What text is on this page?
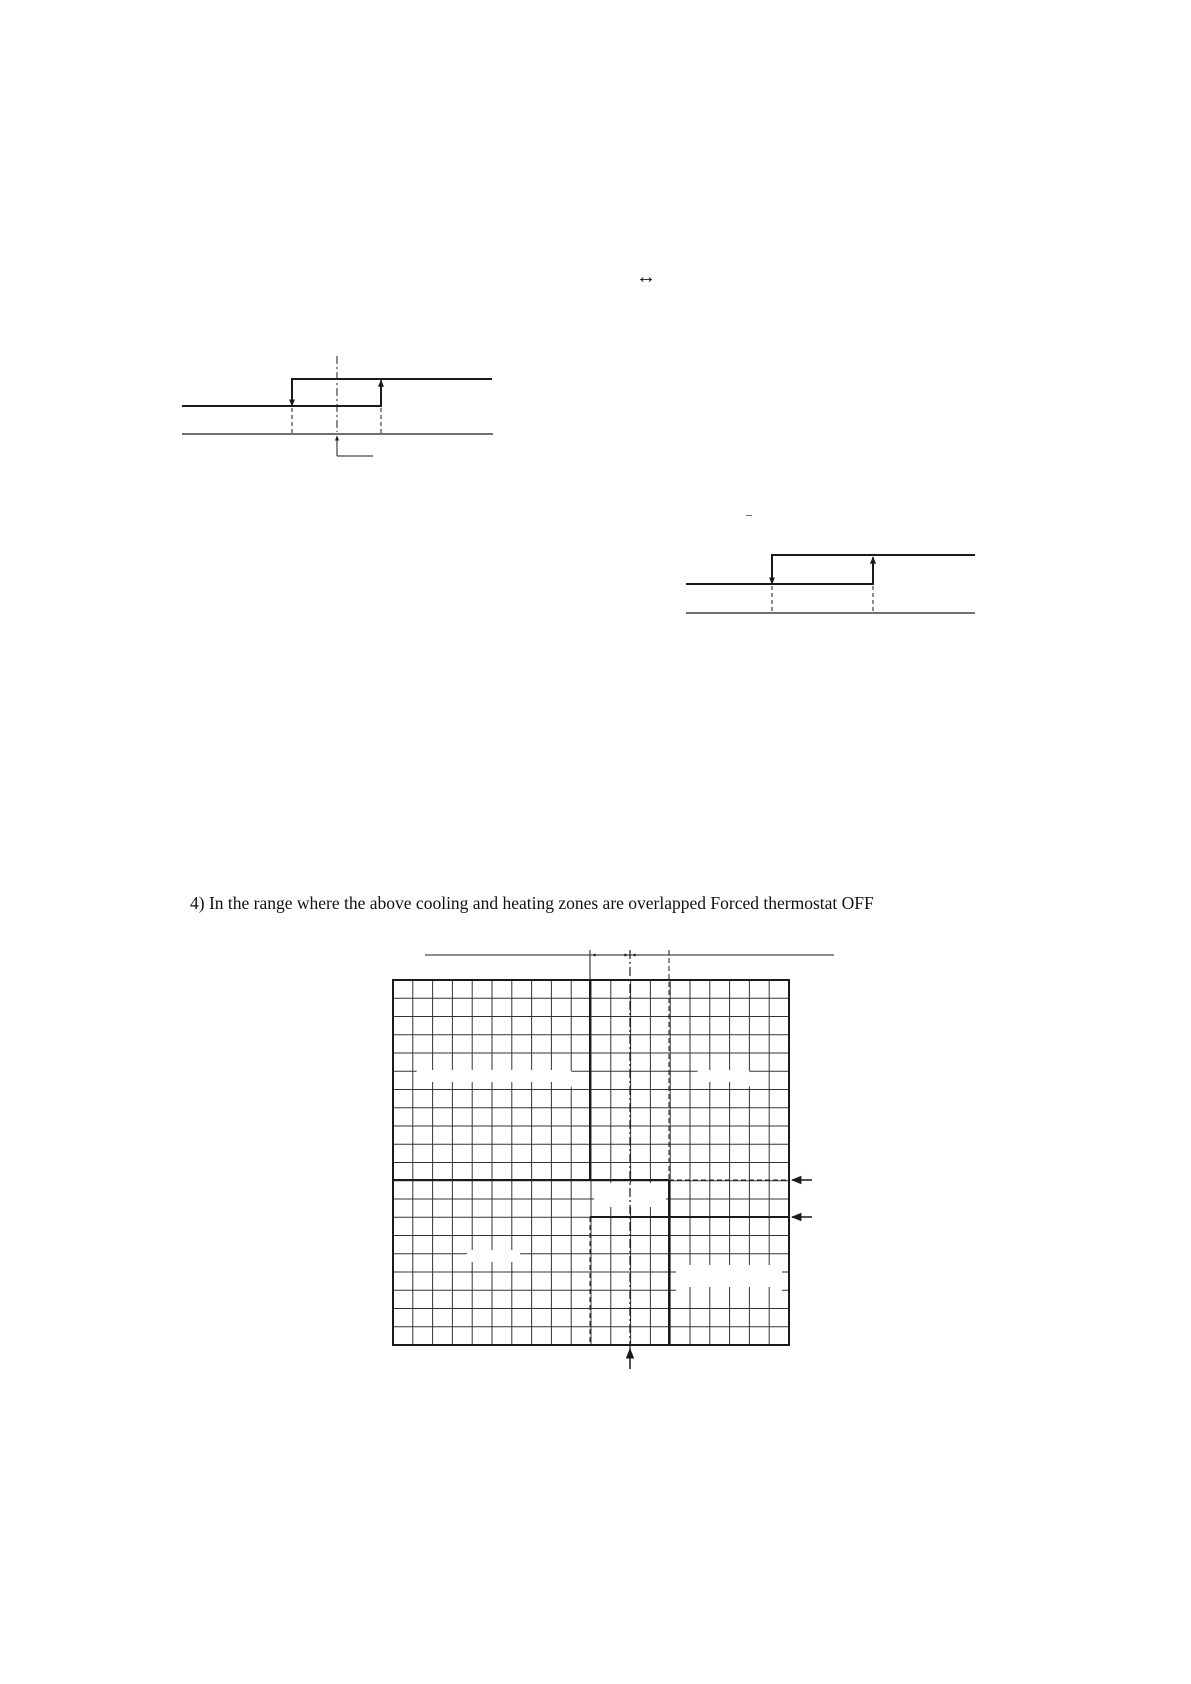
↔
–
4) In the range where the above cooling and heating zones are overlapped Forced thermostat OFF
